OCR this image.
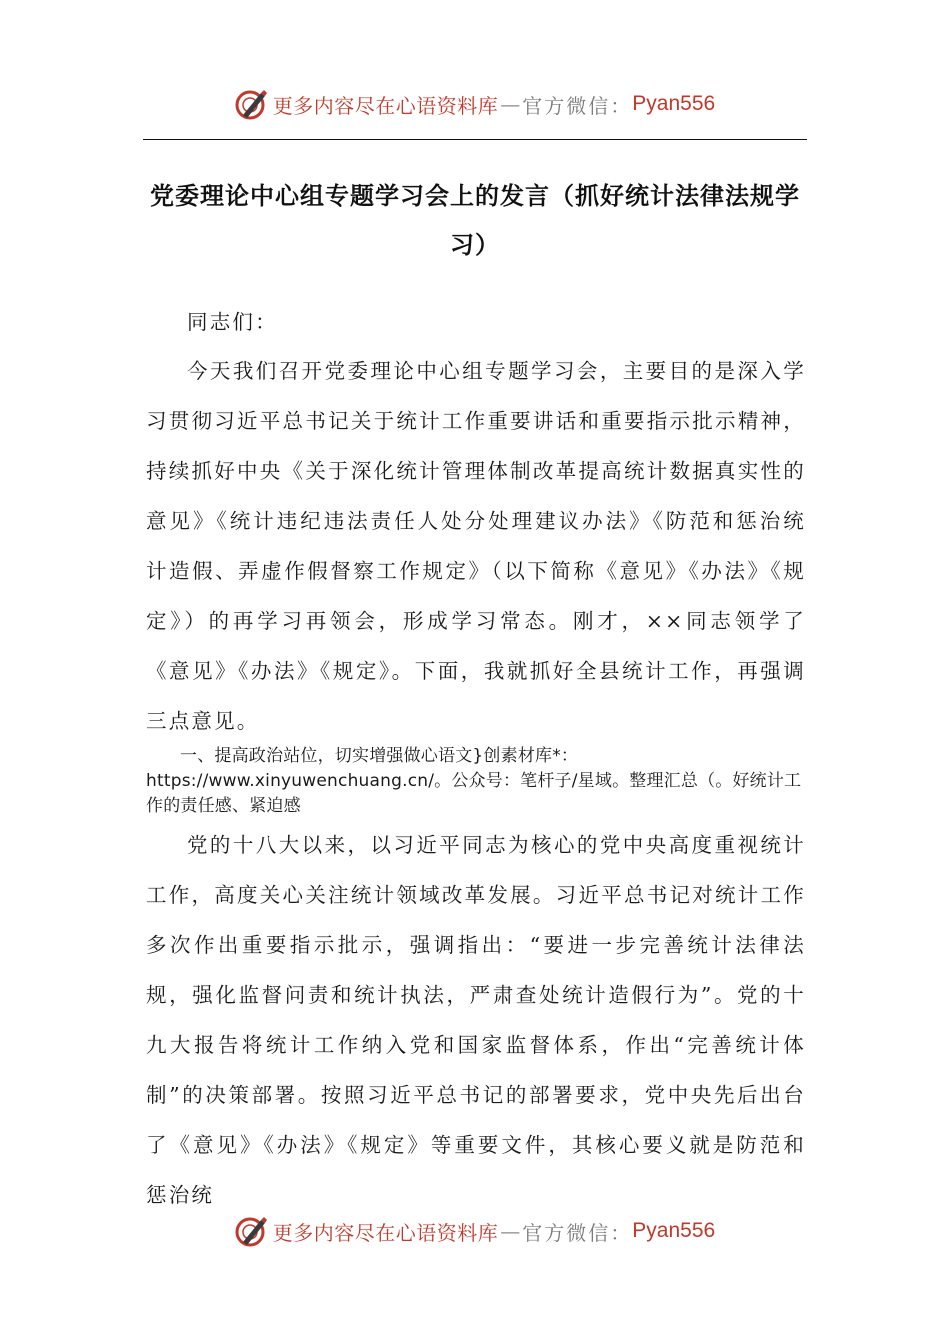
更多内容尽在心语资料库 — 官方微信： Pyan556
党委理论中心组专题学习会上的发言（抓好统计法律法规学习）

同志们：

今天我们召开党委理论中心组专题学习会，主要目的是深入学习贯彻习近平总书记关于统计工作重要讲话和重要指示批示精神，持续抓好中央《关于深化统计管理体制改革提高统计数据真实性的意见》《统计违纪违法责任人处分处理建议办法》《防范和惩治统计造假、弄虚作假督察工作规定》（以下简称《意见》《办法》《规定》）的再学习再领会，形成学习常态。刚才，××同志领学了《意见》《办法》《规定》。下面，我就抓好全县统计工作，再强调三点意见。

一、提高政治站位，切实增强做心语文}创素材库*：https://www.xinyuwenchuang.cn/。公众号：笔杆子/星域。整理汇总（。好统计工作的责任感、紧迫感

党的十八大以来，以习近平同志为核心的党中央高度重视统计工作，高度关心关注统计领域改革发展。习近平总书记对统计工作多次作出重要指示批示，强调指出：“要进一步完善统计法律法规，强化监督问责和统计执法，严肃查处统计造假行为”。党的十九大报告将统计工作纳入党和国家监督体系，作出“完善统计体制”的决策部署。按照习近平总书记的部署要求，党中央先后出台了《意见》《办法》《规定》等重要文件，其核心要义就是防范和惩治统

更多内容尽在心语资料库 — 官方微信： Pyan556
